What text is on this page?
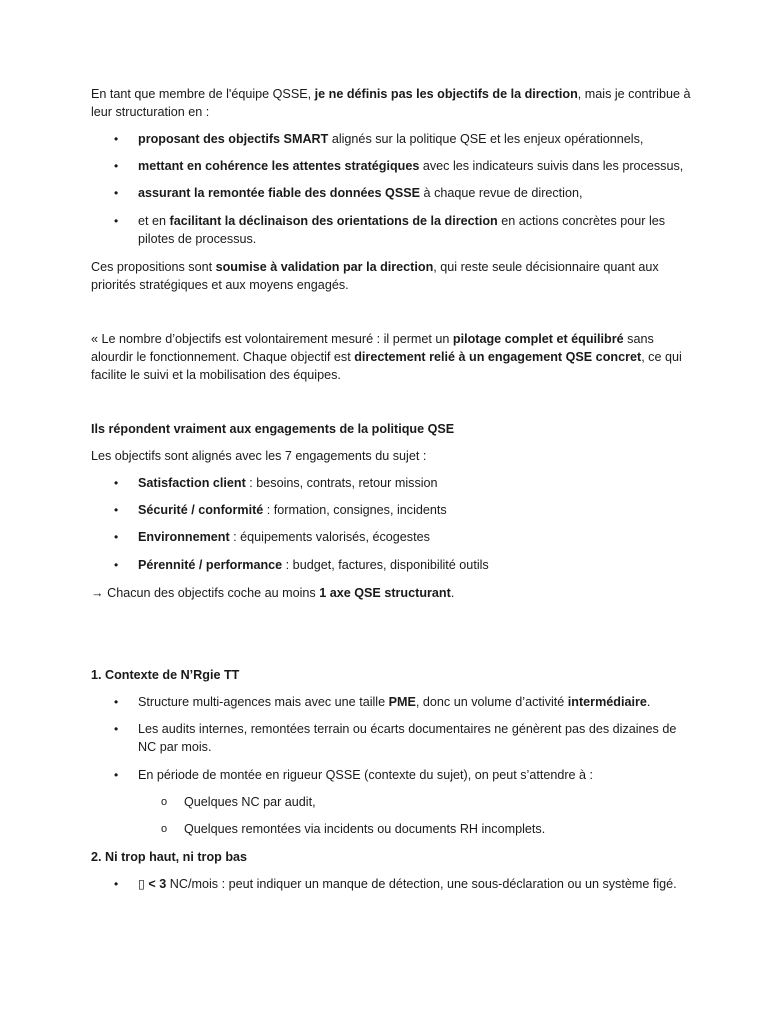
En tant que membre de l'équipe QSSE, je ne définis pas les objectifs de la direction, mais je contribue à leur structuration en :

• proposant des objectifs SMART alignés sur la politique QSE et les enjeux opérationnels,

• mettant en cohérence les attentes stratégiques avec les indicateurs suivis dans les processus,

• assurant la remontée fiable des données QSSE à chaque revue de direction,

• et en facilitant la déclinaison des orientations de la direction en actions concrètes pour les pilotes de processus.

Ces propositions sont soumise à validation par la direction, qui reste seule décisionnaire quant aux priorités stratégiques et aux moyens engagés.

« Le nombre d’objectifs est volontairement mesuré : il permet un pilotage complet et équilibré sans alourdir le fonctionnement. Chaque objectif est directement relié à un engagement QSE concret, ce qui facilite le suivi et la mobilisation des équipes.

Ils répondent vraiment aux engagements de la politique QSE

Les objectifs sont alignés avec les 7 engagements du sujet :

• Satisfaction client : besoins, contrats, retour mission

• Sécurité / conformité : formation, consignes, incidents

• Environnement : équipements valorisés, écogestes

• Pérennité / performance : budget, factures, disponibilité outils

→ Chacun des objectifs coche au moins 1 axe QSE structurant.

1. Contexte de N’Rgie TT

• Structure multi-agences mais avec une taille PME, donc un volume d’activité intermédiaire.

• Les audits internes, remontées terrain ou écarts documentaires ne génèrent pas des dizaines de NC par mois.

• En période de montée en rigueur QSSE (contexte du sujet), on peut s’attendre à :

o Quelques NC par audit,

o Quelques remontées via incidents ou documents RH incomplets.

2. Ni trop haut, ni trop bas

• ▯ < 3 NC/mois : peut indiquer un manque de détection, une sous-déclaration ou un système figé.
